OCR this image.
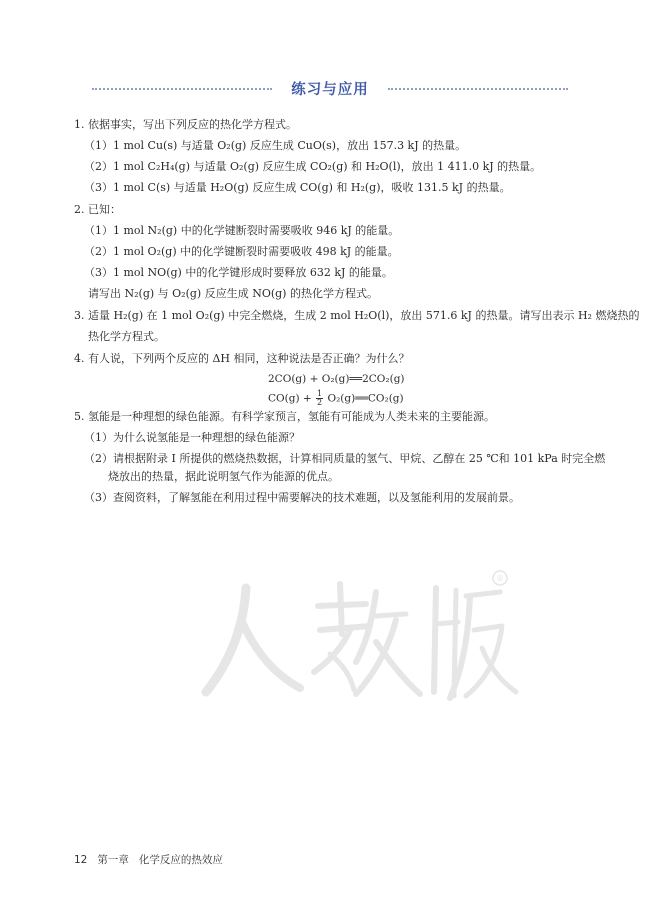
练习与应用
1. 依据事实，写出下列反应的热化学方程式。
（1）1 mol Cu(s) 与适量 O₂(g) 反应生成 CuO(s)，放出 157.3 kJ 的热量。
（2）1 mol C₂H₄(g) 与适量 O₂(g) 反应生成 CO₂(g) 和 H₂O(l)，放出 1 411.0 kJ 的热量。
（3）1 mol C(s) 与适量 H₂O(g) 反应生成 CO(g) 和 H₂(g)，吸收 131.5 kJ 的热量。
2. 已知：
（1）1 mol N₂(g) 中的化学键断裂时需要吸收 946 kJ 的能量。
（2）1 mol O₂(g) 中的化学键断裂时需要吸收 498 kJ 的能量。
（3）1 mol NO(g) 中的化学键形成时要释放 632 kJ 的能量。
请写出 N₂(g) 与 O₂(g) 反应生成 NO(g) 的热化学方程式。
3. 适量 H₂(g) 在 1 mol O₂(g) 中完全燃烧，生成 2 mol H₂O(l)，放出 571.6 kJ 的热量。请写出表示 H₂ 燃烧热的
热化学方程式。
4. 有人说，下列两个反应的 ΔH 相同，这种说法是否正确？为什么？
2CO(g) + O₂(g)══2CO₂(g)
$CO(g) + \frac{1}{2}$ O₂(g)══CO₂(g)
5. 氢能是一种理想的绿色能源。有科学家预言，氢能有可能成为人类未来的主要能源。
（1）为什么说氢能是一种理想的绿色能源？
（2）请根据附录 I 所提供的燃烧热数据，计算相同质量的氢气、甲烷、乙醇在 25 ℃和 101 kPa 时完全燃
烧放出的热量，据此说明氢气作为能源的优点。
（3）查阅资料，了解氢能在利用过程中需要解决的技术难题，以及氢能利用的发展前景。
®
12 第一章 化学反应的热效应
